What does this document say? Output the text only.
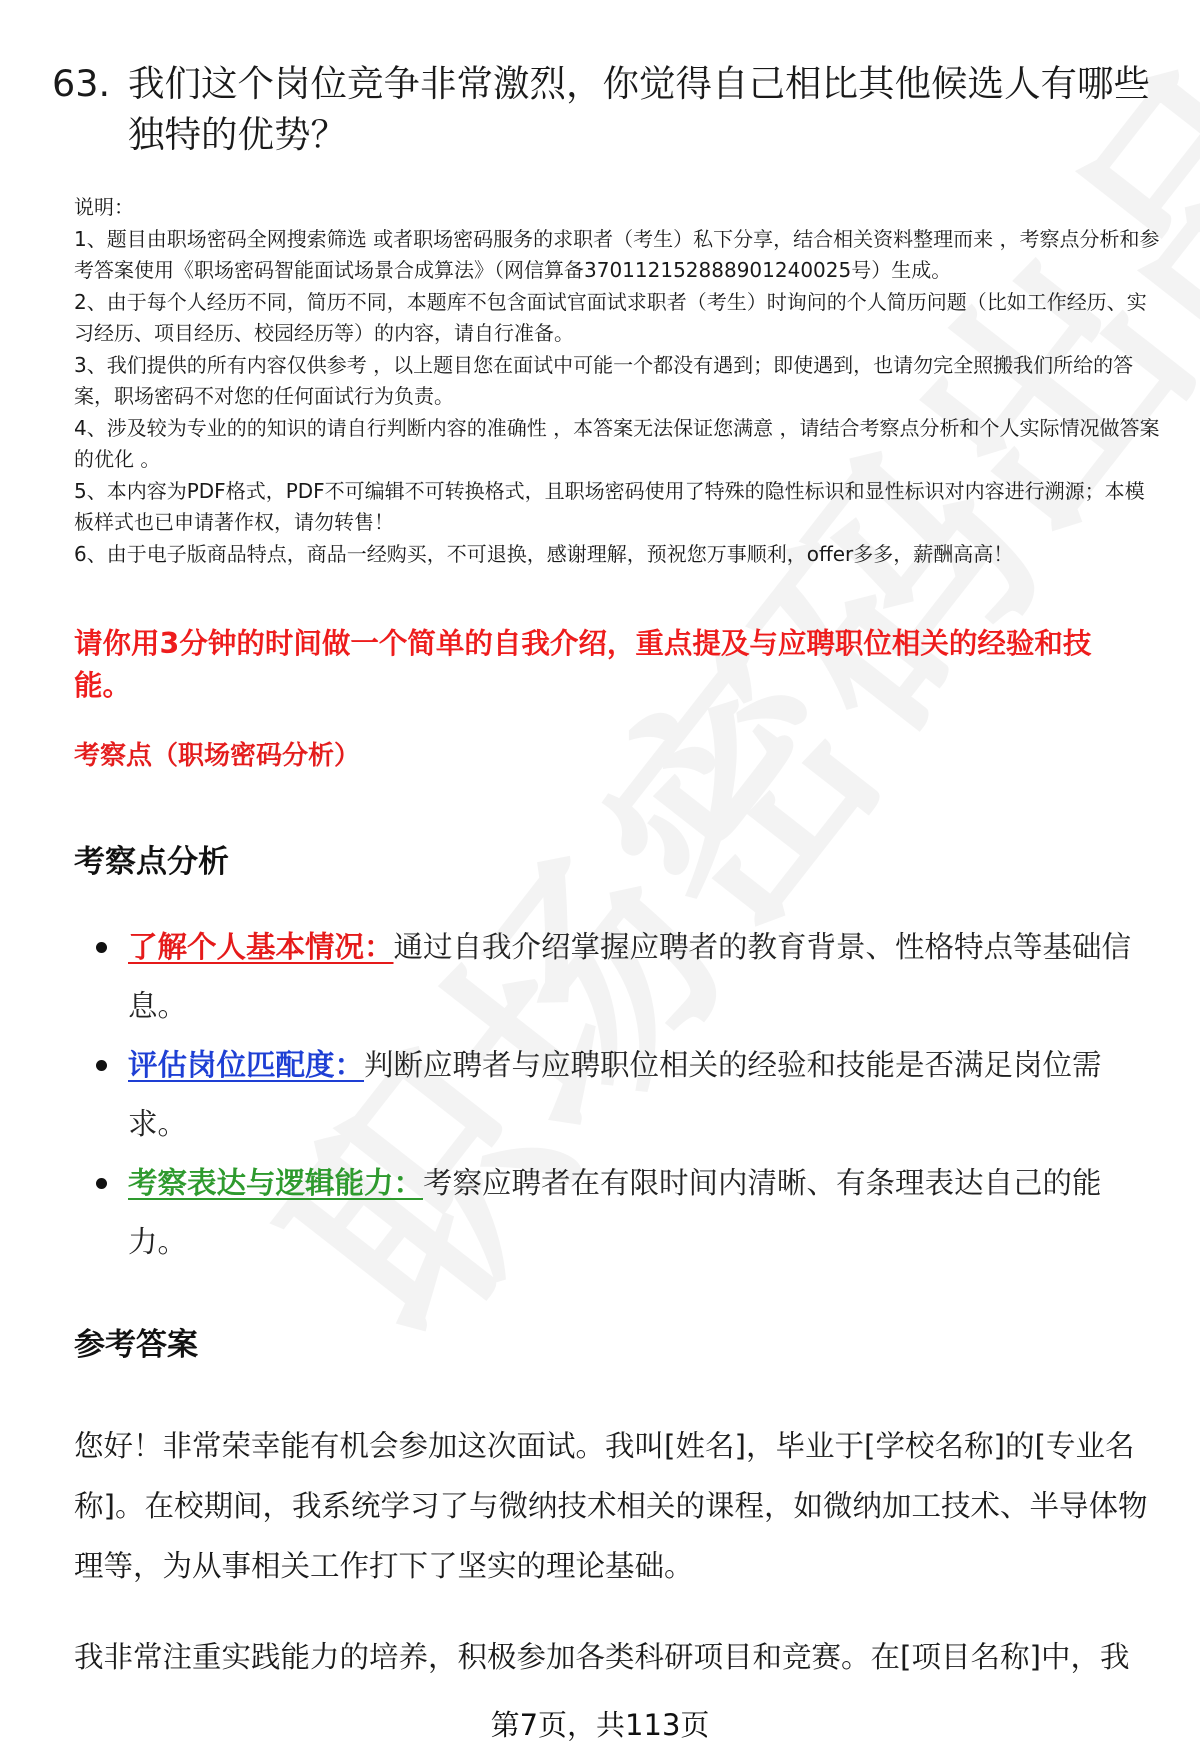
63. 我们这个岗位竞争非常激烈，你觉得自己相比其他候选人有哪些独特的优势？

说明：

1、题目由职场密码全网搜索筛选 或者职场密码服务的求职者（考生）私下分享，结合相关资料整理而来 ，考察点分析和参考答案使用《职场密码智能面试场景合成算法》（网信算备370112152888901240025号）生成。

2、由于每个人经历不同，简历不同，本题库不包含面试官面试求职者（考生）时询问的个人简历问题（比如工作经历、实习经历、项目经历、校园经历等）的内容，请自行准备。

3、我们提供的所有内容仅供参考 ，以上题目您在面试中可能一个都没有遇到；即使遇到，也请勿完全照搬我们所给的答案，职场密码不对您的任何面试行为负责。

4、涉及较为专业的的知识的请自行判断内容的准确性 ，本答案无法保证您满意 ，请结合考察点分析和个人实际情况做答案的优化 。

5、本内容为PDF格式，PDF不可编辑不可转换格式，且职场密码使用了特殊的隐性标识和显性标识对内容进行溯源；本模板样式也已申请著作权，请勿转售！

6、由于电子版商品特点，商品一经购买，不可退换，感谢理解，预祝您万事顺利，offer多多，薪酬高高！

请你用3分钟的时间做一个简单的自我介绍，重点提及与应聘职位相关的经验和技能。
考察点（职场密码分析）
考察点分析
了解个人基本情况：通过自我介绍掌握应聘者的教育背景、性格特点等基础信息。
评估岗位匹配度：判断应聘者与应聘职位相关的经验和技能是否满足岗位需求。
考察表达与逻辑能力：考察应聘者在有限时间内清晰、有条理表达自己的能力。
参考答案

您好！非常荣幸能有机会参加这次面试。我叫[姓名]，毕业于[学校名称]的[专业名称]。在校期间，我系统学习了与微纳技术相关的课程，如微纳加工技术、半导体物理等，为从事相关工作打下了坚实的理论基础。

我非常注重实践能力的培养，积极参加各类科研项目和竞赛。在[项目名称]中，我

第7页，共113页
